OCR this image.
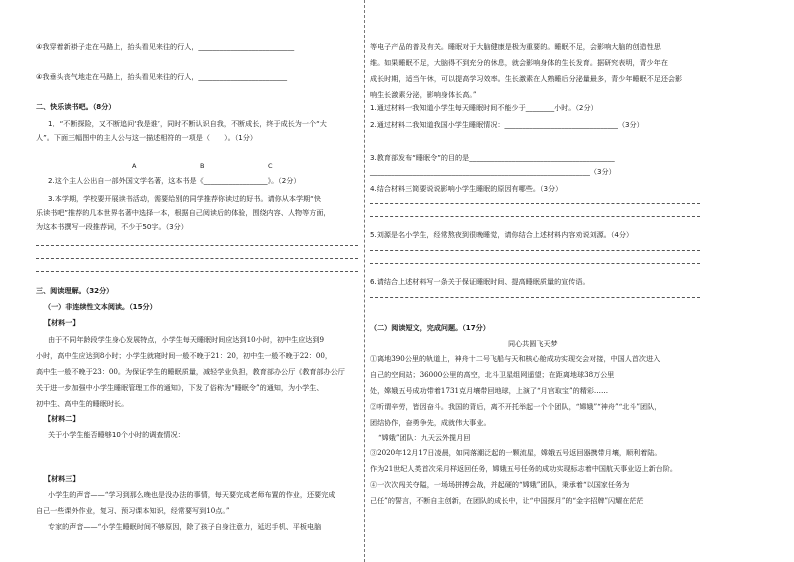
④我穿着新褂子走在马路上，抬头看见来往的行人，___________________________
④我垂头丧气地走在马路上，抬头看见来往的行人，_________________________
二、快乐读书吧。（8分）
1．“不断探险，又不断追问‘我是谁’，同时不断认识自我，不断成长，终于成长为一个“大
人”。下面三幅图中的主人公与这一描述相符的一项是（　　）。（1分）
A	B	C
2.这个主人公出自一部外国文学名著，这本书是《__________________》。（2分）
3.本学期，学校要开展读书活动，需要给别的同学推荐你读过的好书。请你从本学期“快
乐读书吧”推荐的几本世界名著中选择一本，根据自己阅读后的体验，围绕内容、人物等方面，
为这本书撰写一段推荐词，不少于50字。（3分）
三、阅读理解。（32分）
（一）非连续性文本阅读。（15分）
【材料一】
由于不同年龄段学生身心发展特点，小学生每天睡眠时间应达到10小时，初中生应达到9
小时，高中生应达到8小时；小学生就寝时间一般不晚于21：20，初中生一般不晚于22：00，
高中生一般不晚于23：00。为保证学生的睡眠质量，减轻学业负担，教育部办公厅《教育部办公厅
关于进一步加强中小学生睡眠管理工作的通知》，下发了俗称为“睡眠令”的通知，为小学生、
初中生、高中生的睡眠时长。
【材料二】
关于小学生能否睡够10个小时的调查情况：
【材料三】
小学生的声音——“学习到那么晚也是没办法的事情，每天要完成老师布置的作业，还要完成
自己一些课外作业，复习、预习课本知识，经常要写到10点。”
专家的声音——“小学生睡眠时间不够原因，除了孩子自身注意力，延迟手机、平板电脑
等电子产品的普及有关。睡眠对于大脑健康是极为重要的。睡眠不足，会影响大脑的创造性思
维。如果睡眠不足，大脑得不到充分的休息，就会影响身体的生长发育。据研究表明，青少年在
成长时期，适当午休，可以提高学习效率。生长激素在人熟睡后分泌量最多，青少年睡眠不足还会影
响生长激素分泌，影响身体长高。”
1.通过材料一我知道小学生每天睡眠时间不能少于________小时。（2分）
2.通过材料二我知道我国小学生睡眠情况：________________________________（3分）
3.教育部发布“睡眠令”的目的是_________________________________________
______________________________________________________________（3分）
4.结合材料三简要说说影响小学生睡眠的原因有哪些。（3分）
5.刘源是名小学生，经常熬夜到很晚睡觉，请你结合上述材料内容劝说刘源。（4分）
6.请结合上述材料写一条关于保证睡眠时间、提高睡眠质量的宣传语。
（二）阅读短文，完成问题。（17分）
同心共圆飞天梦
①离地390公里的轨道上，神舟十二号飞船与天和核心舱成功实现交会对接，中国人首次进入
自己的空间站；36000公里的高空，北斗卫星组网遥望；在距离地球38万公里
处，嫦娥五号成功带着1731克月壤带回地球，上演了“月宫取宝”的精彩……
②听谓辛劳，皆因奋斗。我国的背后，离不开托举起一个个团队，“嫦娥”“神舟”“北斗”团队，
团结协作，奋勇争先，成就伟大事业。
“嫦娥”团队：九天云外揽月回
③2020年12月17日凌晨，如同落潮泛起的一颗流星，嫦娥五号返回器携带月壤，顺利着陆。
作为21世纪人类首次采月样返回任务，嫦娥五号任务的成功实现标志着中国航天事业迈上新台阶。
④一次次闯关夺隘，一场场拼搏会战，并起硬的“嫦娥”团队，秉承着“以国家任务为
己任”的誓言，不断自主创新，在团队的成长中，让“中国探月”的“金字招牌”闪耀在茫茫
